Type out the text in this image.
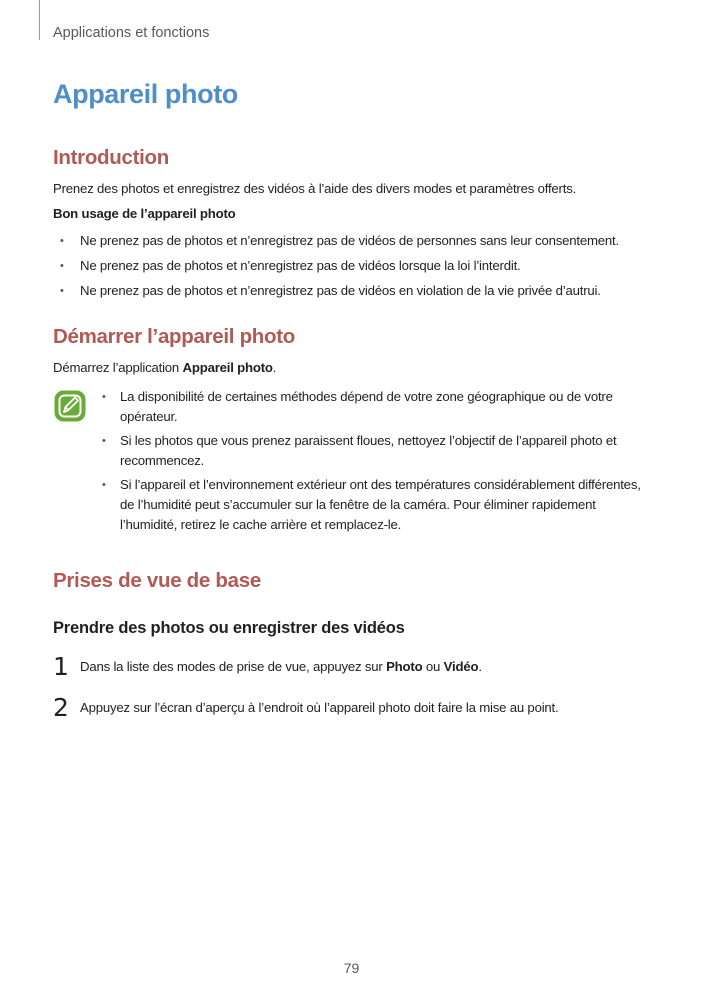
Applications et fonctions
Appareil photo
Introduction
Prenez des photos et enregistrez des vidéos à l’aide des divers modes et paramètres offerts.
Bon usage de l’appareil photo
• Ne prenez pas de photos et n’enregistrez pas de vidéos de personnes sans leur consentement.
• Ne prenez pas de photos et n’enregistrez pas de vidéos lorsque la loi l’interdit.
• Ne prenez pas de photos et n’enregistrez pas de vidéos en violation de la vie privée d’autrui.
Démarrer l’appareil photo
Démarrez l’application Appareil photo.
• La disponibilité de certaines méthodes dépend de votre zone géographique ou de votre opérateur.
• Si les photos que vous prenez paraissent floues, nettoyez l’objectif de l’appareil photo et recommencez.
• Si l’appareil et l’environnement extérieur ont des températures considérablement différentes, de l’humidité peut s’accumuler sur la fenêtre de la caméra. Pour éliminer rapidement l’humidité, retirez le cache arrière et remplacez-le.
Prises de vue de base
Prendre des photos ou enregistrer des vidéos
1 Dans la liste des modes de prise de vue, appuyez sur Photo ou Vidéo.
2 Appuyez sur l’écran d’aperçu à l’endroit où l’appareil photo doit faire la mise au point.
79
